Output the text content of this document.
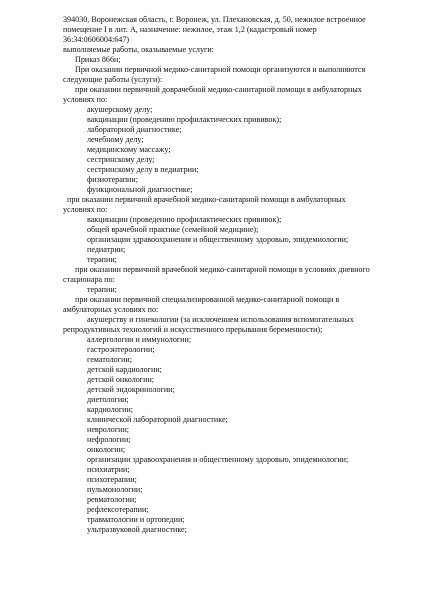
394030, Воронежская область, г. Воронеж, ул. Плехановская, д. 50, нежилое встроенное
помещение I в лит. А, назначение: нежилое, этаж 1,2 (кадастровый номер
36:34:0606004:647)
выполняемые работы, оказываемые услуги:
Приказ 866н;
При оказании первичной медико-санитарной помощи организуются и выполняются
следующие работы (услуги):
при оказании первичной доврачебной медико-санитарной помощи в амбулаторных
условиях по:
акушерскому делу;
вакцинации (проведению профилактических прививок);
лабораторной диагностике;
лечебному делу;
медицинскому массажу;
сестринскому делу;
сестринскому делу в педиатрии;
физиотерапии;
функциональной диагностике;
при оказании первичной врачебной медико-санитарной помощи в амбулаторных
условиях по:
вакцинации (проведению профилактических прививок);
общей врачебной практике (семейной медицине);
организации здравоохранения и общественному здоровью, эпидемиологии;
педиатрии;
терапии;
при оказании первичной врачебной медико-санитарной помощи в условиях дневного
стационара по:
терапии;
при оказании первичной специализированной медико-санитарной помощи в
амбулаторных условиях по:
акушерству и гинекологии (за исключением использования вспомогательных
репродуктивных технологий и искусственного прерывания беременности);
аллергологии и иммунологии;
гастроэнтерологии;
гематологии;
детской кардиологии;
детской онкологии;
детской эндокринологии;
диетологии;
кардиологии;
клинической лабораторной диагностике;
неврологии;
нефрологии;
онкологии;
организации здравоохранения и общественному здоровью, эпидемиологии;
психиатрии;
психотерапии;
пульмонологии;
ревматологии;
рефлексотерапии;
травматологии и ортопедии;
ультразвуковой диагностике;
